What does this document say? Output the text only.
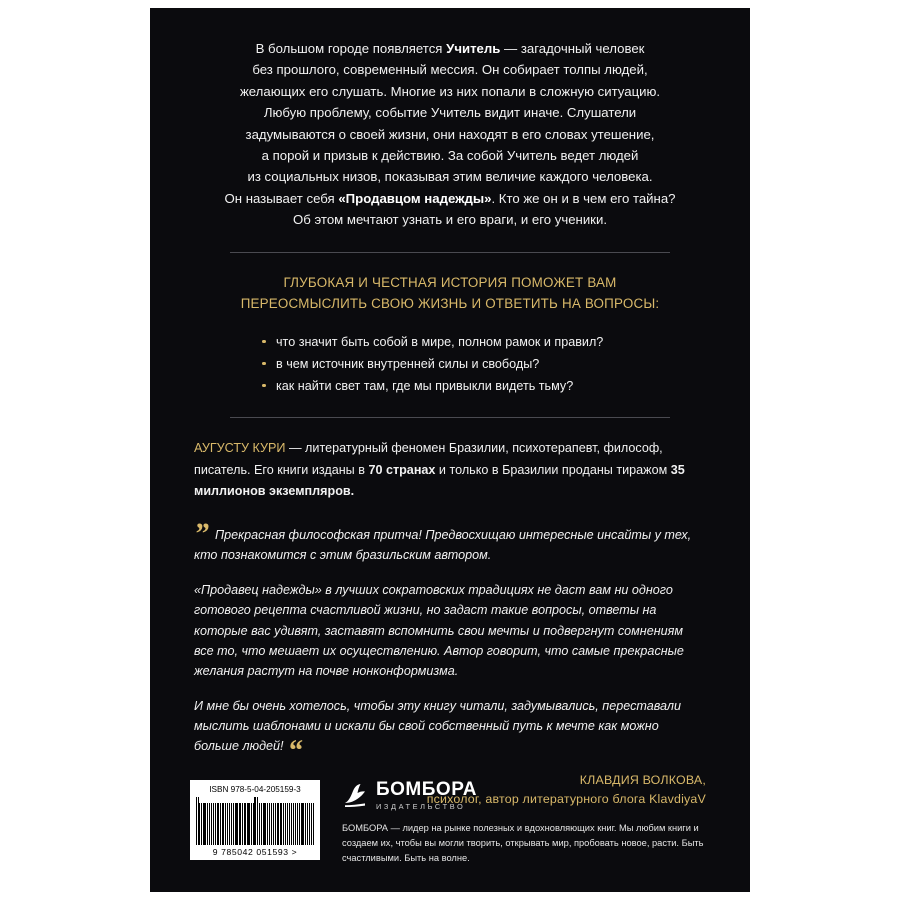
В большом городе появляется Учитель — загадочный человек
без прошлого, современный мессия. Он собирает толпы людей,
желающих его слушать. Многие из них попали в сложную ситуацию.
Любую проблему, событие Учитель видит иначе. Слушатели
задумываются о своей жизни, они находят в его словах утешение,
а порой и призыв к действию. За собой Учитель ведет людей
из социальных низов, показывая этим величие каждого человека.
Он называет себя «Продавцом надежды». Кто же он и в чем его тайна?
Об этом мечтают узнать и его враги, и его ученики.
ГЛУБОКАЯ И ЧЕСТНАЯ ИСТОРИЯ ПОМОЖЕТ ВАМ
ПЕРЕОСМЫСЛИТЬ СВОЮ ЖИЗНЬ И ОТВЕТИТЬ НА ВОПРОСЫ:
что значит быть собой в мире, полном рамок и правил?
в чем источник внутренней силы и свободы?
как найти свет там, где мы привыкли видеть тьму?
АУГУСТУ КУРИ — литературный феномен Бразилии, психотерапевт, философ, писатель. Его книги изданы в 70 странах и только в Бразилии проданы тиражом 35 миллионов экземпляров.

” Прекрасная философская притча! Предвосхищаю интересные инсайты у тех, кто познакомится с этим бразильским автором.

«Продавец надежды» в лучших сократовских традициях не даст вам ни одного готового рецепта счастливой жизни, но задаст такие вопросы, ответы на которые вас удивят, заставят вспомнить свои мечты и подвергнут сомнениям все то, что мешает их осуществлению. Автор говорит, что самые прекрасные желания растут на почве нонконформизма.

И мне бы очень хотелось, чтобы эту книгу читали, задумывались, переставали мыслить шаблонами и искали бы свой собственный путь к мечте как можно больше людей! “

КЛАВДИЯ ВОЛКОВА,
психолог, автор литературного блога KlavdiyaV
ISBN 978-5-04-205159-3
9 785042 051593 >
БОМБОРА
ИЗДАТЕЛЬСТВО
БОМБОРА — лидер на рынке полезных и вдохновляющих книг. Мы любим книги и создаем их, чтобы вы могли творить, открывать мир, пробовать новое, расти. Быть счастливыми. Быть на волне.
